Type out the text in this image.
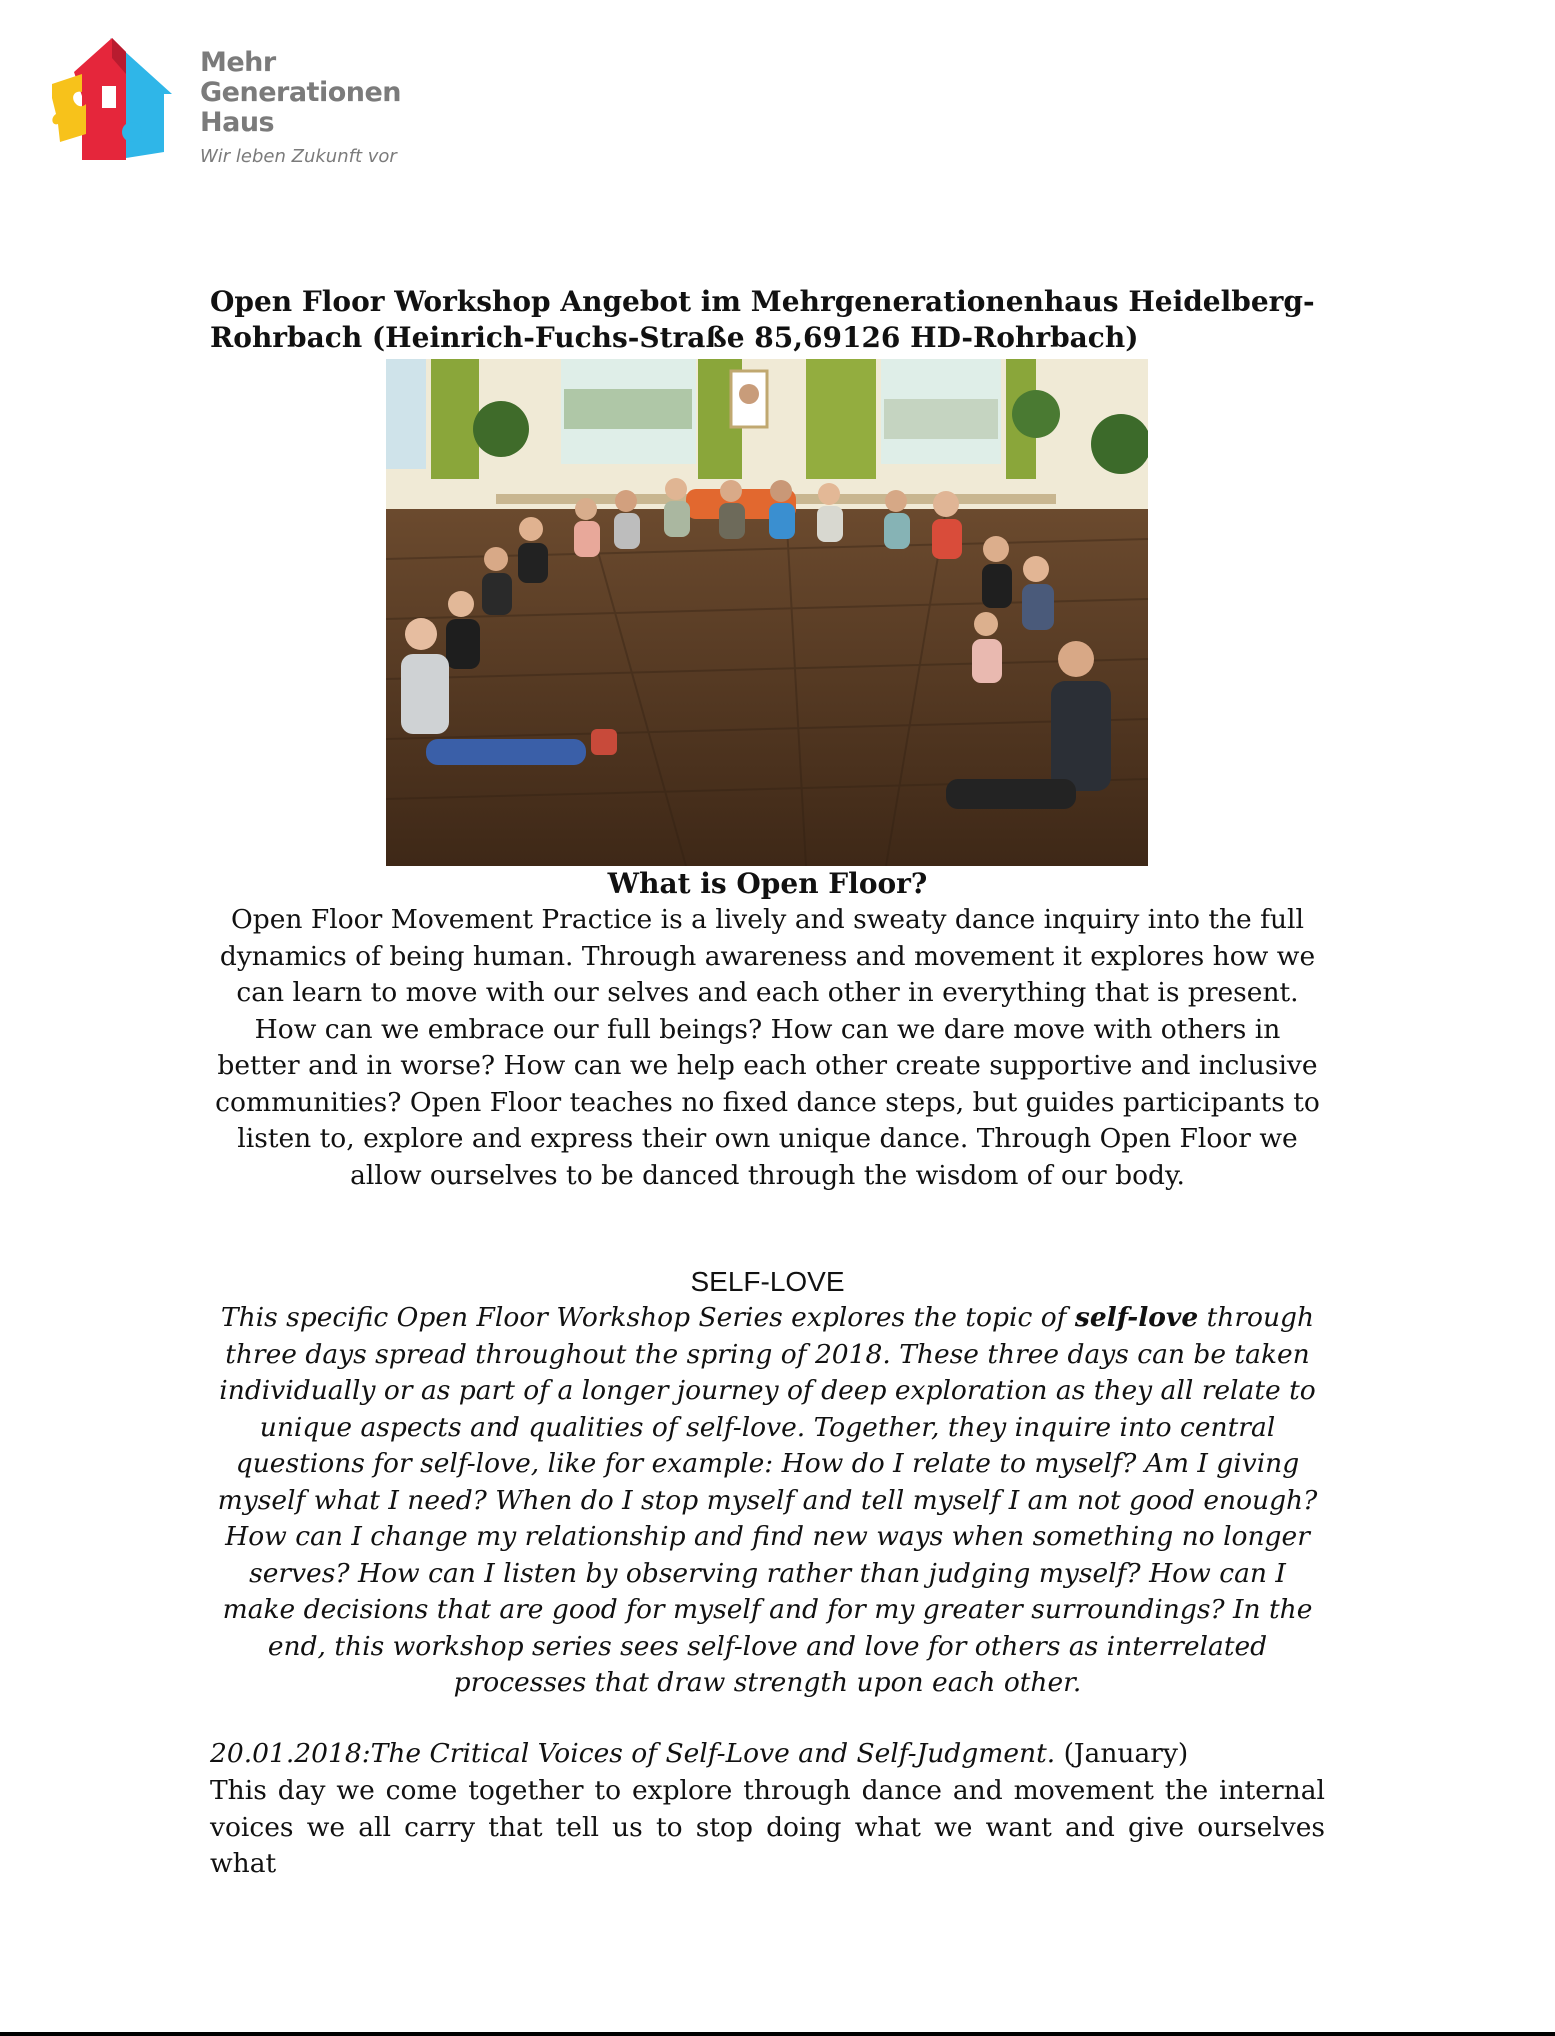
Mehr
Generationen
Haus
Wir leben Zukunft vor
Open Floor Workshop Angebot im Mehrgenerationenhaus Heidelberg-Rohrbach (Heinrich-Fuchs-Straße 85,69126 HD-Rohrbach)
What is Open Floor?
Open Floor Movement Practice is a lively and sweaty dance inquiry into the full dynamics of being human. Through awareness and movement it explores how we can learn to move with our selves and each other in everything that is present. How can we embrace our full beings? How can we dare move with others in better and in worse? How can we help each other create supportive and inclusive communities? Open Floor teaches no fixed dance steps, but guides participants to listen to, explore and express their own unique dance. Through Open Floor we allow ourselves to be danced through the wisdom of our body.
SELF-LOVE
This specific Open Floor Workshop Series explores the topic of self-love through three days spread throughout the spring of 2018. These three days can be taken individually or as part of a longer journey of deep exploration as they all relate to unique aspects and qualities of self-love. Together, they inquire into central questions for self-love, like for example: How do I relate to myself? Am I giving myself what I need? When do I stop myself and tell myself I am not good enough? How can I change my relationship and find new ways when something no longer serves? How can I listen by observing rather than judging myself? How can I make decisions that are good for myself and for my greater surroundings? In the end, this workshop series sees self-love and love for others as interrelated processes that draw strength upon each other.
20.01.2018:The Critical Voices of Self-Love and Self-Judgment. (January)
This day we come together to explore through dance and movement the internal
voices we all carry that tell us to stop doing what we want and give ourselves what
